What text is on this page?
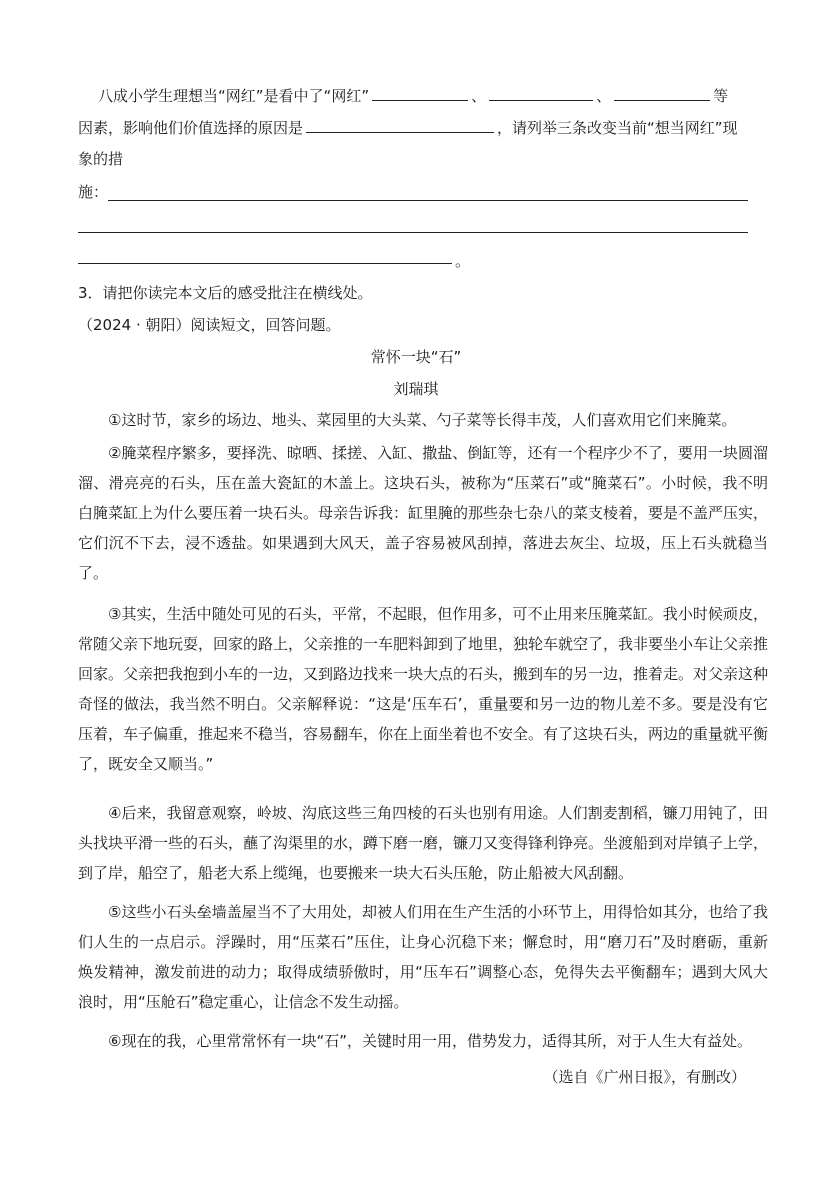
八成小学生理想当“网红”是看中了“网红”	、	、	等
因素，影响他们价值选择的原因是	，请列举三条改变当前“想当网红”现
象的措
施：
。
3．请把你读完本文后的感受批注在横线处。
（2024 · 朝阳）阅读短文，回答问题。
常怀一块“石”
刘瑞琪
①这时节，家乡的场边、地头、菜园里的大头菜、勺子菜等长得丰茂，人们喜欢用它们来腌菜。
②腌菜程序繁多，要择洗、晾晒、揉搓、入缸、撒盐、倒缸等，还有一个程序少不了，要用一块圆溜溜、滑亮亮的石头，压在盖大瓷缸的木盖上。这块石头，被称为“压菜石”或“腌菜石”。小时候，我不明白腌菜缸上为什么要压着一块石头。母亲告诉我：缸里腌的那些杂七杂八的菜支棱着，要是不盖严压实，它们沉不下去，浸不透盐。如果遇到大风天，盖子容易被风刮掉，落进去灰尘、垃圾，压上石头就稳当了。
③其实，生活中随处可见的石头，平常，不起眼，但作用多，可不止用来压腌菜缸。我小时候顽皮，常随父亲下地玩耍，回家的路上，父亲推的一车肥料卸到了地里，独轮车就空了，我非要坐小车让父亲推回家。父亲把我抱到小车的一边，又到路边找来一块大点的石头，搬到车的另一边，推着走。对父亲这种奇怪的做法，我当然不明白。父亲解释说：“这是‘压车石’，重量要和另一边的物儿差不多。要是没有它压着，车子偏重，推起来不稳当，容易翻车，你在上面坐着也不安全。有了这块石头，两边的重量就平衡了，既安全又顺当。”
④后来，我留意观察，岭坡、沟底这些三角四棱的石头也别有用途。人们割麦割稻，镰刀用钝了，田头找块平滑一些的石头，蘸了沟渠里的水，蹲下磨一磨，镰刀又变得锋利铮亮。坐渡船到对岸镇子上学，到了岸，船空了，船老大系上缆绳，也要搬来一块大石头压舱，防止船被大风刮翻。
⑤这些小石头垒墙盖屋当不了大用处，却被人们用在生产生活的小环节上，用得恰如其分，也给了我们人生的一点启示。浮躁时，用“压菜石”压住，让身心沉稳下来；懈怠时，用“磨刀石”及时磨砺，重新焕发精神，激发前进的动力；取得成绩骄傲时，用“压车石”调整心态，免得失去平衡翻车；遇到大风大浪时，用“压舱石”稳定重心，让信念不发生动摇。
⑥现在的我，心里常常怀有一块“石”，关键时用一用，借势发力，适得其所，对于人生大有益处。
（选自《广州日报》，有删改）
